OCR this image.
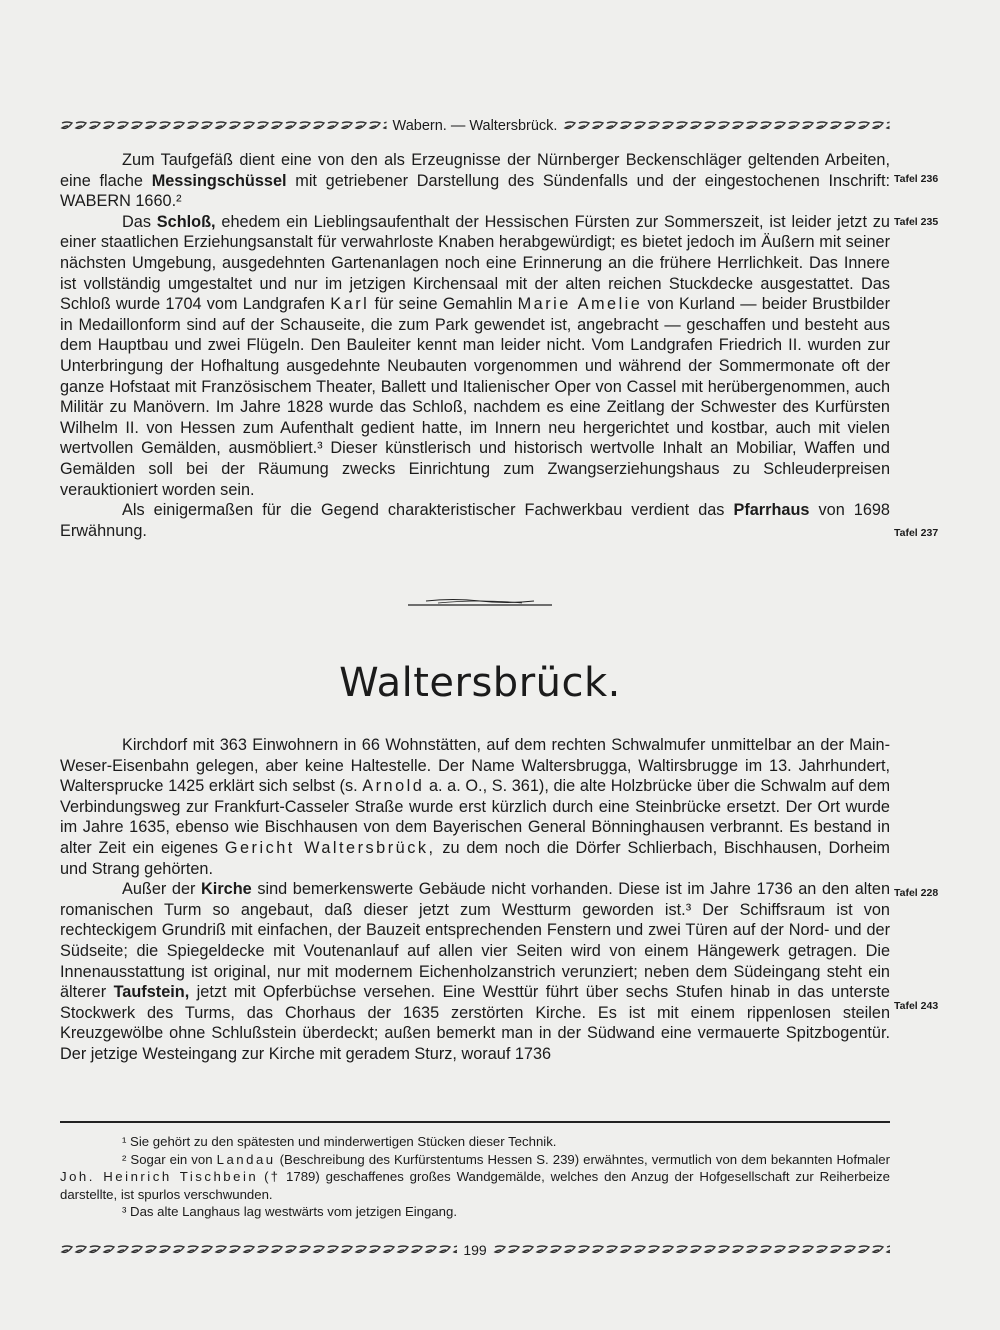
Wabern. — Waltersbrück.

Zum Taufgefäß dient eine von den als Erzeugnisse der Nürnberger Beckenschläger geltenden Arbeiten, eine flache Messingschüssel mit getriebener Darstellung des Sündenfalls und der eingestochenen Inschrift: WABERN 1660.²

Das Schloß, ehedem ein Lieblingsaufenthalt der Hessischen Fürsten zur Sommerszeit, ist leider jetzt zu einer staatlichen Erziehungsanstalt für verwahrloste Knaben herabgewürdigt; es bietet jedoch im Äußern mit seiner nächsten Umgebung, ausgedehnten Gartenanlagen noch eine Erinnerung an die frühere Herrlichkeit. Das Innere ist vollständig umgestaltet und nur im jetzigen Kirchensaal mit der alten reichen Stuckdecke ausgestattet. Das Schloß wurde 1704 vom Landgrafen Karl für seine Gemahlin Marie Amelie von Kurland — beider Brustbilder in Medaillonform sind auf der Schauseite, die zum Park gewendet ist, angebracht — geschaffen und besteht aus dem Hauptbau und zwei Flügeln. Den Bauleiter kennt man leider nicht. Vom Landgrafen Friedrich II. wurden zur Unterbringung der Hofhaltung ausgedehnte Neubauten vorgenommen und während der Sommermonate oft der ganze Hofstaat mit Französischem Theater, Ballett und Italienischer Oper von Cassel mit herübergenommen, auch Militär zu Manövern. Im Jahre 1828 wurde das Schloß, nachdem es eine Zeitlang der Schwester des Kurfürsten Wilhelm II. von Hessen zum Aufenthalt gedient hatte, im Innern neu hergerichtet und kostbar, auch mit vielen wertvollen Gemälden, ausmöbliert.³ Dieser künstlerisch und historisch wertvolle Inhalt an Mobiliar, Waffen und Gemälden soll bei der Räumung zwecks Einrichtung zum Zwangserziehungshaus zu Schleuderpreisen verauktioniert worden sein.

Als einigermaßen für die Gegend charakteristischer Fachwerkbau verdient das Pfarrhaus von 1698 Erwähnung.

Tafel 236
Tafel 235
Tafel 237
Waltersbrück.

Kirchdorf mit 363 Einwohnern in 66 Wohnstätten, auf dem rechten Schwalmufer unmittelbar an der Main-Weser-Eisenbahn gelegen, aber keine Haltestelle. Der Name Waltersbrugga, Waltirsbrugge im 13. Jahrhundert, Waltersprucke 1425 erklärt sich selbst (s. Arnold a. a. O., S. 361), die alte Holzbrücke über die Schwalm auf dem Verbindungsweg zur Frankfurt-Casseler Straße wurde erst kürzlich durch eine Steinbrücke ersetzt. Der Ort wurde im Jahre 1635, ebenso wie Bischhausen von dem Bayerischen General Bönninghausen verbrannt. Es bestand in alter Zeit ein eigenes Gericht Waltersbrück, zu dem noch die Dörfer Schlierbach, Bischhausen, Dorheim und Strang gehörten.

Außer der Kirche sind bemerkenswerte Gebäude nicht vorhanden. Diese ist im Jahre 1736 an den alten romanischen Turm so angebaut, daß dieser jetzt zum Westturm geworden ist.³ Der Schiffsraum ist von rechteckigem Grundriß mit einfachen, der Bauzeit entsprechenden Fenstern und zwei Türen auf der Nord- und der Südseite; die Spiegeldecke mit Voutenanlauf auf allen vier Seiten wird von einem Hängewerk getragen. Die Innenausstattung ist original, nur mit modernem Eichenholzanstrich verunziert; neben dem Südeingang steht ein älterer Taufstein, jetzt mit Opferbüchse versehen. Eine Westtür führt über sechs Stufen hinab in das unterste Stockwerk des Turms, das Chorhaus der 1635 zerstörten Kirche. Es ist mit einem rippenlosen steilen Kreuzgewölbe ohne Schlußstein überdeckt; außen bemerkt man in der Südwand eine vermauerte Spitzbogentür. Der jetzige Westeingang zur Kirche mit geradem Sturz, worauf 1736

Tafel 228
Tafel 243

¹ Sie gehört zu den spätesten und minderwertigen Stücken dieser Technik.

² Sogar ein von Landau (Beschreibung des Kurfürstentums Hessen S. 239) erwähntes, vermutlich von dem bekannten Hofmaler Joh. Heinrich Tischbein († 1789) geschaffenes großes Wandgemälde, welches den Anzug der Hofgesellschaft zur Reiherbeize darstellte, ist spurlos verschwunden.

³ Das alte Langhaus lag westwärts vom jetzigen Eingang.

199
